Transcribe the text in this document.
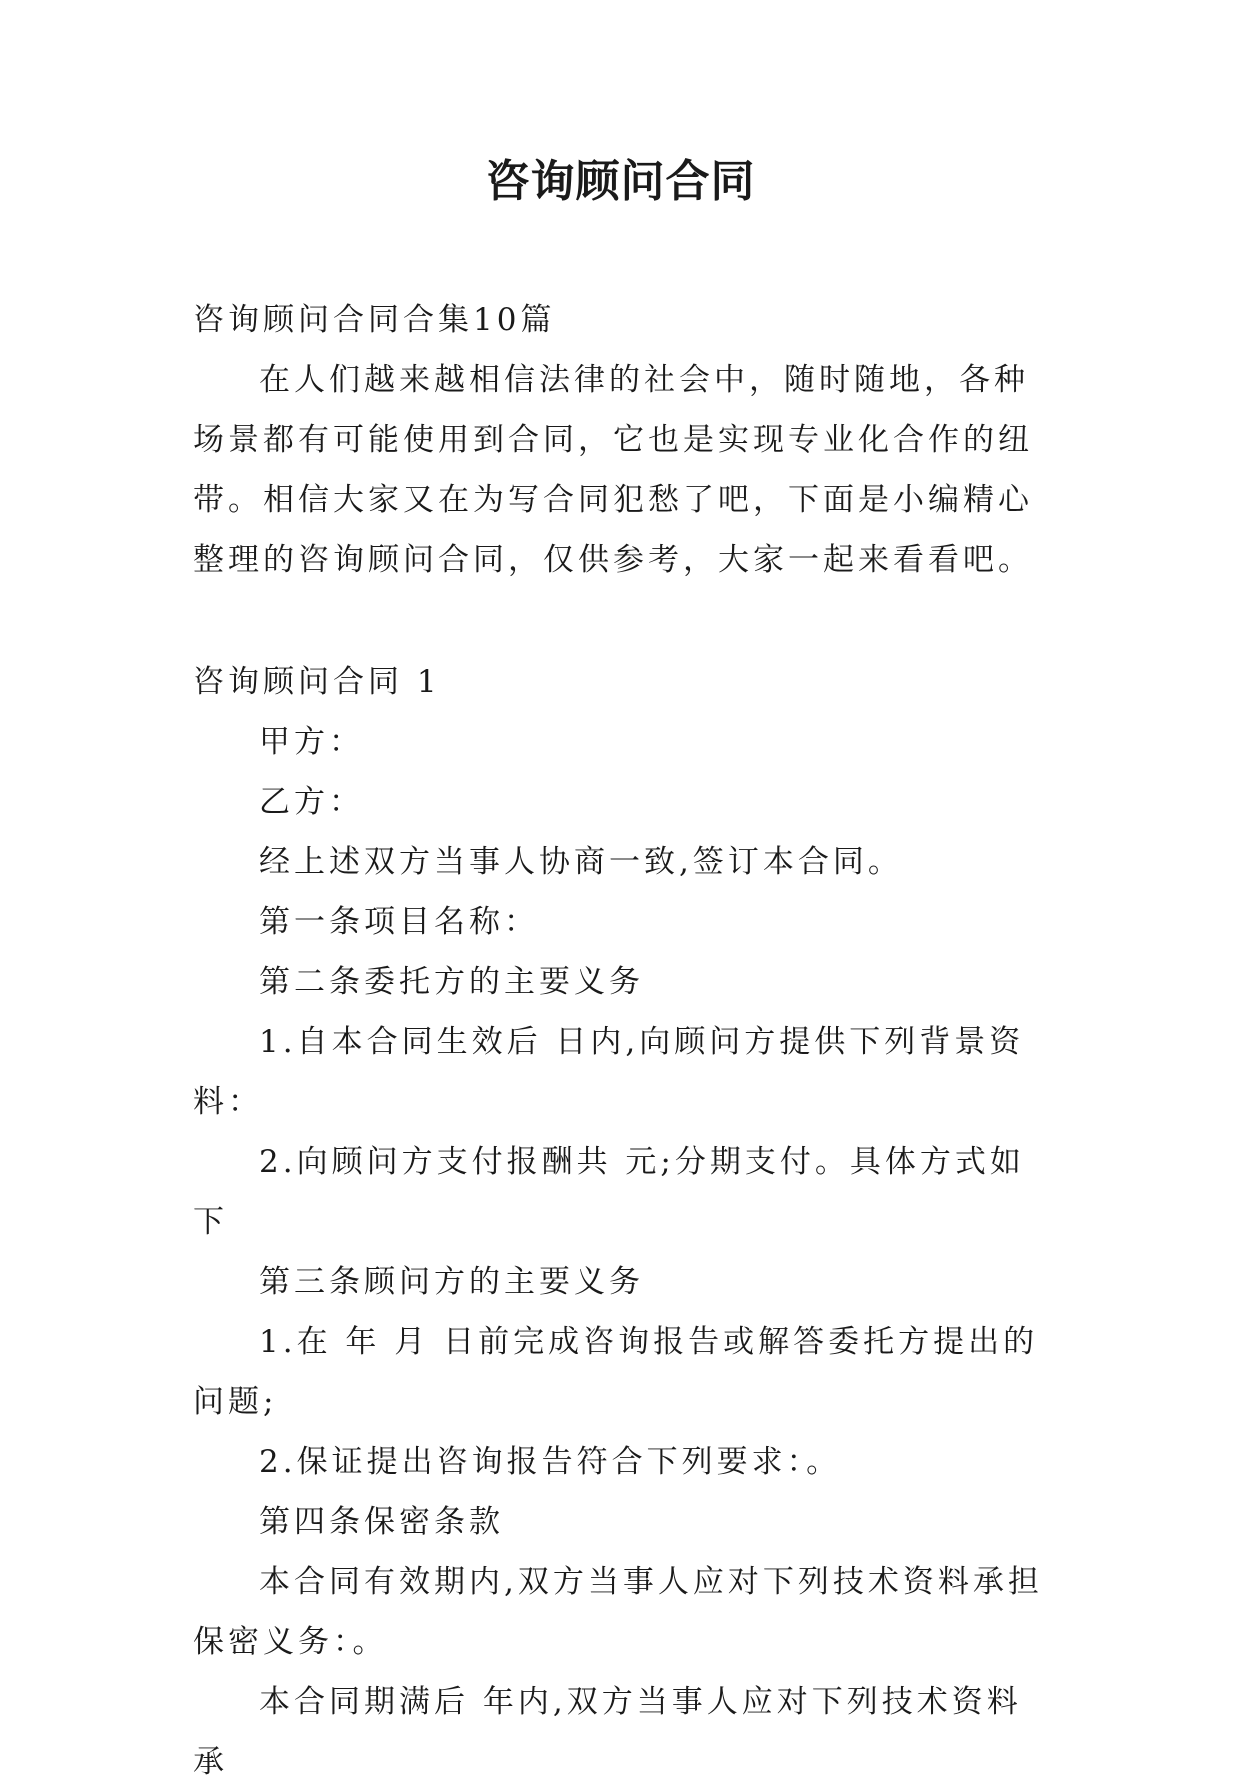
咨询顾问合同

咨询顾问合同合集10篇

在人们越来越相信法律的社会中，随时随地，各种场景都有可能使用到合同，它也是实现专业化合作的纽带。相信大家又在为写合同犯愁了吧，下面是小编精心整理的咨询顾问合同，仅供参考，大家一起来看看吧。

咨询顾问合同 1

甲方：

乙方：

经上述双方当事人协商一致,签订本合同。

第一条项目名称：

第二条委托方的主要义务

1.自本合同生效后 日内,向顾问方提供下列背景资料：

2.向顾问方支付报酬共 元;分期支付。具体方式如下

第三条顾问方的主要义务

1.在 年 月 日前完成咨询报告或解答委托方提出的问题;

2.保证提出咨询报告符合下列要求：。

第四条保密条款

本合同有效期内,双方当事人应对下列技术资料承担保密义务：。

本合同期满后 年内,双方当事人应对下列技术资料承
